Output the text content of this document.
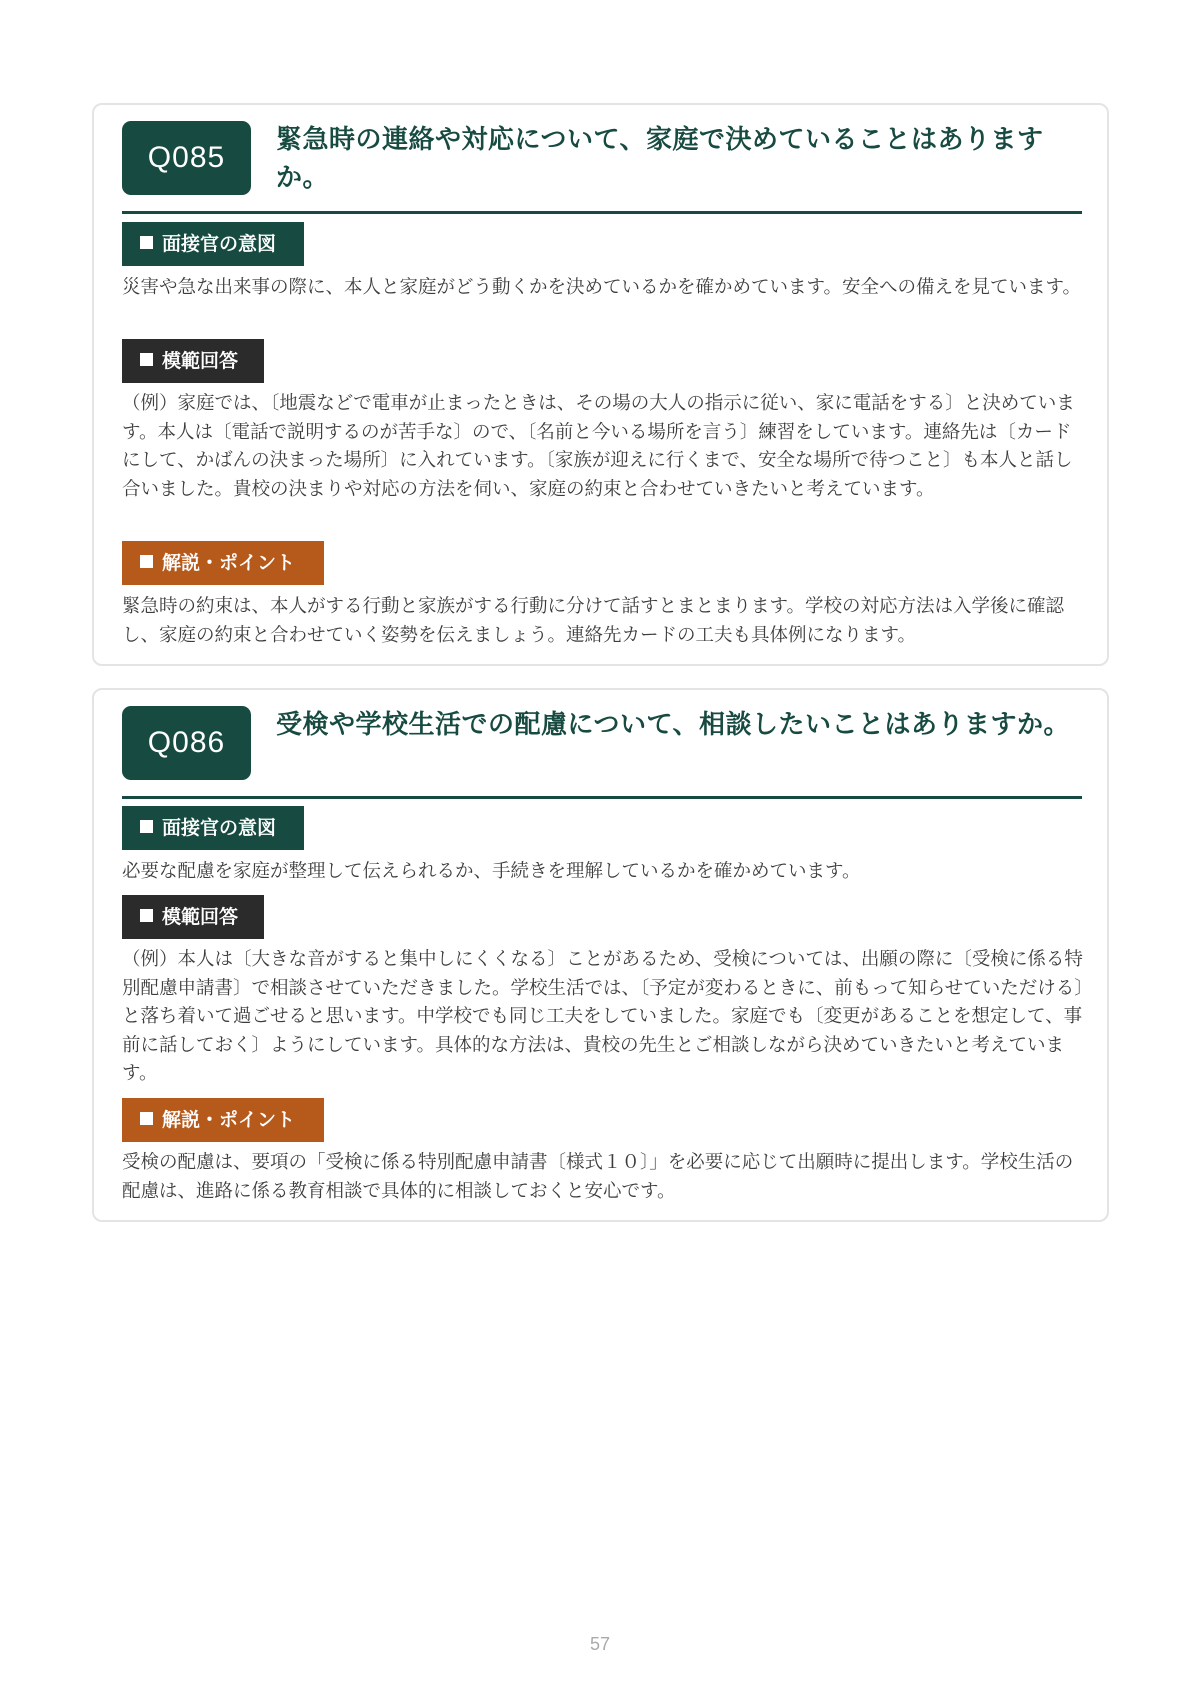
Q085
緊急時の連絡や対応について、家庭で決めていることはありますか。
面接官の意図

災害や急な出来事の際に、本人と家庭がどう動くかを決めているかを確かめています。安全への備えを見ています。

模範回答

（例）家庭では、〔地震などで電車が止まったときは、その場の大人の指示に従い、家に電話をする〕と決めています。本人は〔電話で説明するのが苦手な〕ので、〔名前と今いる場所を言う〕練習をしています。連絡先は〔カードにして、かばんの決まった場所〕に入れています。〔家族が迎えに行くまで、安全な場所で待つこと〕も本人と話し合いました。貴校の決まりや対応の方法を伺い、家庭の約束と合わせていきたいと考えています。

解説・ポイント

緊急時の約束は、本人がする行動と家族がする行動に分けて話すとまとまります。学校の対応方法は入学後に確認し、家庭の約束と合わせていく姿勢を伝えましょう。連絡先カードの工夫も具体例になります。

Q086
受検や学校生活での配慮について、相談したいことはありますか。
面接官の意図

必要な配慮を家庭が整理して伝えられるか、手続きを理解しているかを確かめています。

模範回答

（例）本人は〔大きな音がすると集中しにくくなる〕ことがあるため、受検については、出願の際に〔受検に係る特別配慮申請書〕で相談させていただきました。学校生活では、〔予定が変わるときに、前もって知らせていただける〕と落ち着いて過ごせると思います。中学校でも同じ工夫をしていました。家庭でも〔変更があることを想定して、事前に話しておく〕ようにしています。具体的な方法は、貴校の先生とご相談しながら決めていきたいと考えています。

解説・ポイント

受検の配慮は、要項の「受検に係る特別配慮申請書〔様式１０〕」を必要に応じて出願時に提出します。学校生活の配慮は、進路に係る教育相談で具体的に相談しておくと安心です。

57
